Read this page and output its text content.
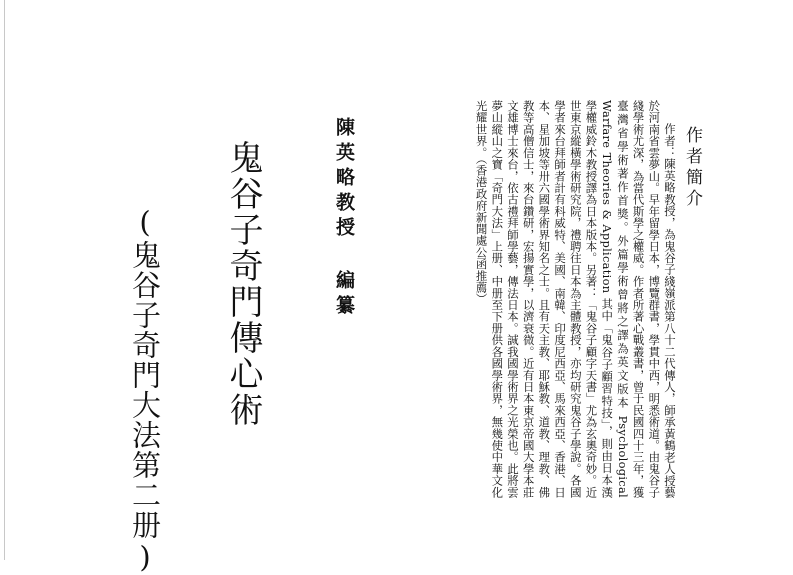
(鬼谷子奇門大法第二册) 鬼谷子奇門傳心術	陳英略教授 編纂	作者：陳英略教授，為鬼谷子綫嶺派第八十二代傳人，師承黃鶴老人授藝於河南省雲夢山。早年留學日本，博覽群書，學貫中西，明悉術道。由鬼谷子綫學術尤深，為當代斯學之權威。作者所著心戰叢書，曾于民國四十三年，獲臺灣省學術著作首獎。外篇學術曾將之譯為英文版本 Psychological Warfare Theories & Application 其中「鬼谷子顧習特技」，則由日本漢學權威鈴木教授譯為日本版本。另著：「鬼谷子顧字天書」尤為玄奧奇妙。近世東京縱橫學術研究院，禮聘往日本為主體教授，亦均研究鬼谷子學說。各國學者來台拜師者計有科威特、美國、南韓、印度尼西亞、馬來西亞、香港、日本、星加坡等卅六國學術界知名之士。且有天主教、耶穌教、道教、理教、佛教等高僧信士，來台鑽研，宏揚實學，以濟衰微。近有日本東京帝國大學本莊文雄博士來台，依古禮拜師學藝，傳法日本。誠我國學術界之光榮也。此將雲夢山縱山之寶「奇門大法」上册、中册至下册供各國學術界，無幾使中華文化光耀世界。（香港政府新聞處公函推薦）	作者簡介
